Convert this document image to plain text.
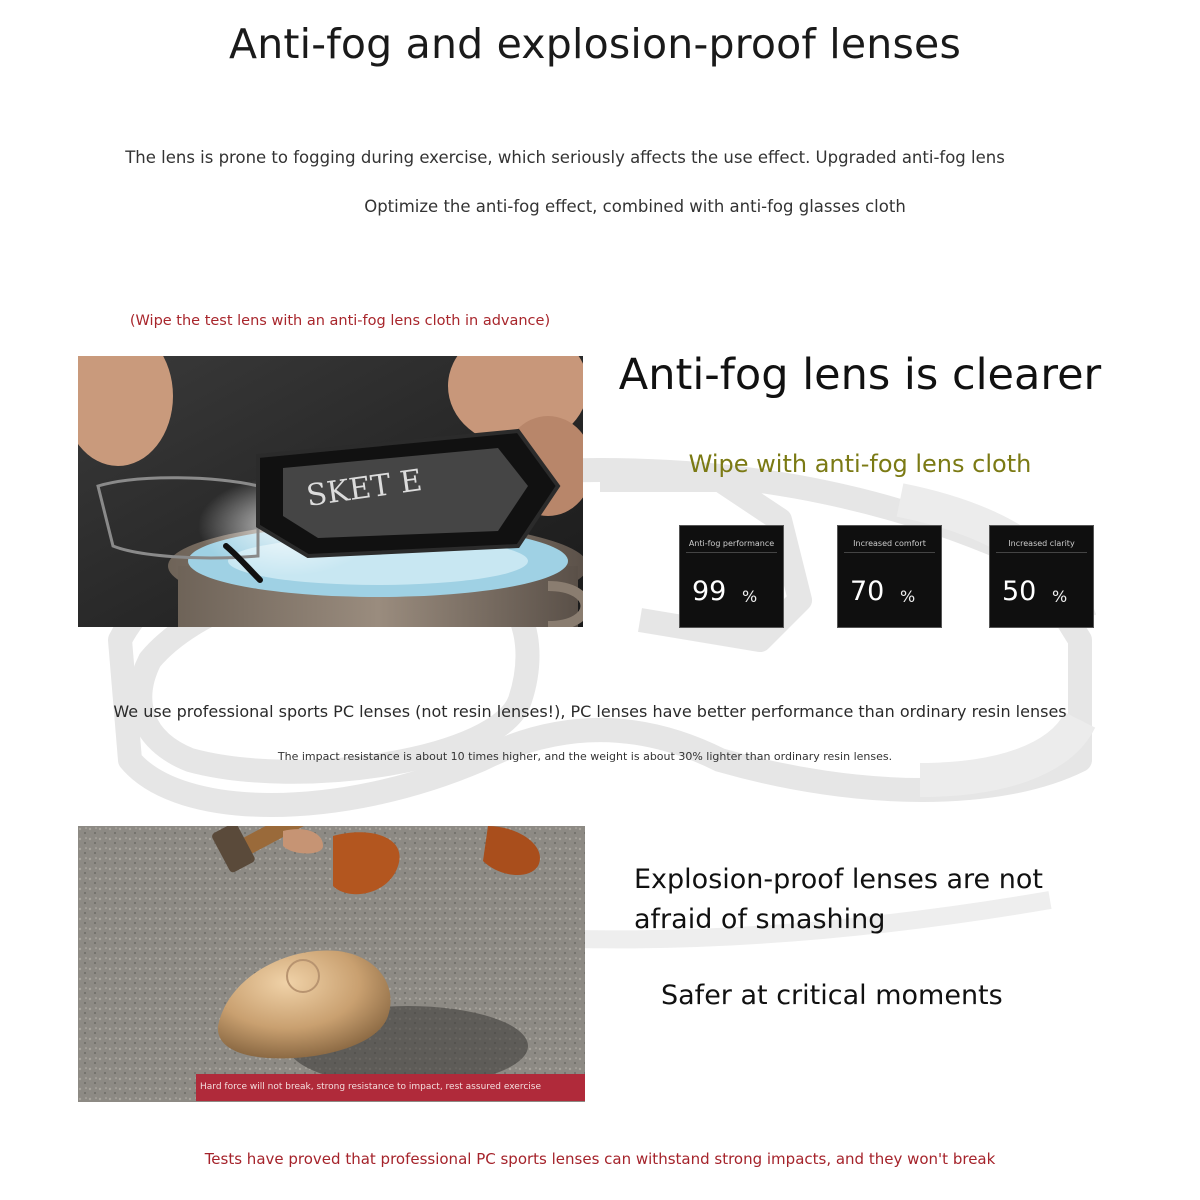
Anti-fog and explosion-proof lenses
The lens is prone to fogging during exercise, which seriously affects the use effect. Upgraded anti-fog lens
Optimize the anti-fog effect, combined with anti-fog glasses cloth
(Wipe the test lens with an anti-fog lens cloth in advance)
SKET E
Anti-fog lens is clearer
Wipe with anti-fog lens cloth
Anti-fog performance
99 %
Increased comfort
70 %
Increased clarity
50 %
We use professional sports PC lenses (not resin lenses!), PC lenses have better performance than ordinary resin lenses
The impact resistance is about 10 times higher, and the weight is about 30% lighter than ordinary resin lenses.
Hard force will not break, strong resistance to impact, rest assured exercise
Explosion-proof lenses are not
afraid of smashing
Safer at critical moments
Tests have proved that professional PC sports lenses can withstand strong impacts, and they won't break
